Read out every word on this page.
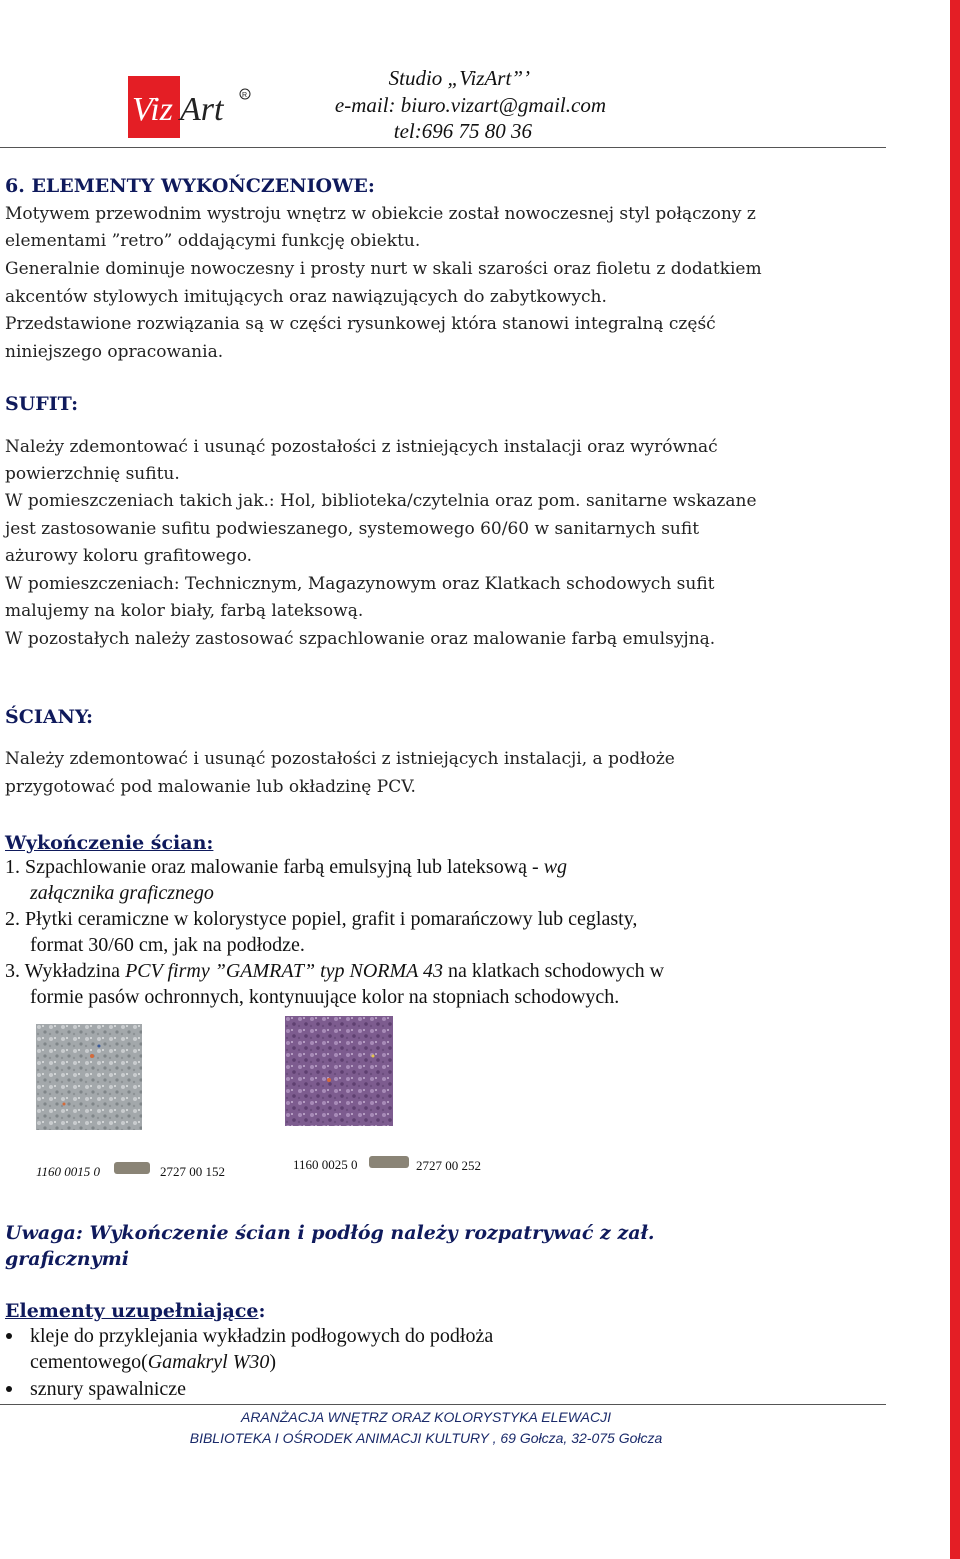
Viz Art	R
Studio „VizArt”’
e-mail: biuro.vizart@gmail.com
tel:696 75 80 36
6. ELEMENTY WYKOŃCZENIOWE:
Motywem przewodnim wystroju wnętrz w obiekcie został nowoczesnej styl połączony z
elementami ”retro” oddającymi funkcję obiektu.
Generalnie dominuje nowoczesny i prosty nurt w skali szarości oraz fioletu z dodatkiem
akcentów stylowych imitujących oraz nawiązujących do zabytkowych.
Przedstawione rozwiązania są w części rysunkowej która stanowi integralną część
niniejszego opracowania.
SUFIT:
Należy zdemontować i usunąć pozostałości z istniejących instalacji oraz wyrównać
powierzchnię sufitu.
W pomieszczeniach takich jak.: Hol, biblioteka/czytelnia oraz pom. sanitarne wskazane
jest zastosowanie sufitu podwieszanego, systemowego 60/60 w sanitarnych sufit
ażurowy koloru grafitowego.
W pomieszczeniach: Technicznym, Magazynowym oraz Klatkach schodowych sufit
malujemy na kolor biały, farbą lateksową.
W pozostałych należy zastosować szpachlowanie oraz malowanie farbą emulsyjną.
ŚCIANY:
Należy zdemontować i usunąć pozostałości z istniejących instalacji, a podłoże
przygotować pod malowanie lub okładzinę PCV.
Wykończenie ścian:
1. Szpachlowanie oraz malowanie farbą emulsyjną lub lateksową - wg
załącznika graficznego
2. Płytki ceramiczne w kolorystyce popiel, grafit i pomarańczowy lub ceglasty,
format 30/60 cm, jak na podłodze.
3. Wykładzina PCV firmy ”GAMRAT” typ NORMA 43 na klatkach schodowych w
formie pasów ochronnych, kontynuujące kolor na stopniach schodowych.
1160 0015 0	2727 00 152	1160 0025 0	2727 00 252
Uwaga: Wykończenie ścian i podłóg należy rozpatrywać z zał.
graficznymi
Elementy uzupełniające:
kleje do przyklejania wykładzin podłogowych do podłoża
cementowego(Gamakryl W30)
sznury spawalnicze
ARANŻACJA WNĘTRZ ORAZ KOLORYSTYKA ELEWACJI
BIBLIOTEKA I OŚRODEK ANIMACJI KULTURY , 69 Gołcza, 32-075 Gołcza
